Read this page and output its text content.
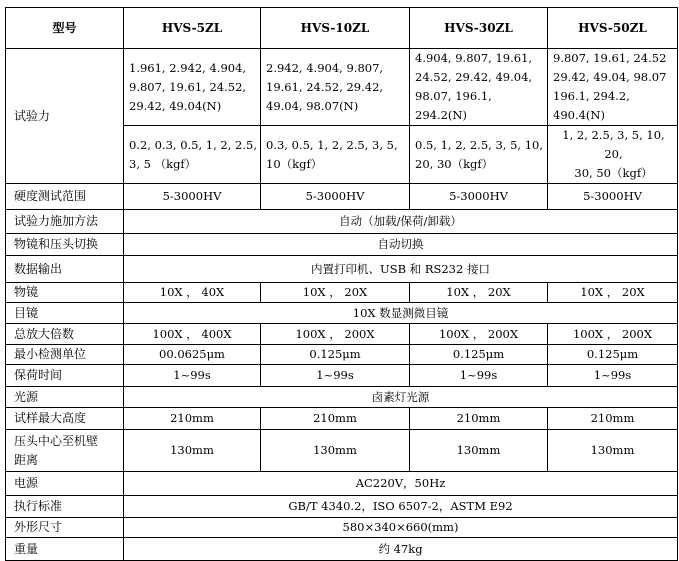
型号	HVS-5ZL	HVS-10ZL	HVS-30ZL	HVS-50ZL
试验力	1.961, 2.942, 4.904,
9.807, 19.61, 24.52,
29.42, 49.04(N)	2.942, 4.904, 9.807,
19.61, 24.52, 29.42,
49.04, 98.07(N)	4.904, 9.807, 19.61,
24.52, 29.42, 49.04,
98.07, 196.1, 294.2(N)	9.807, 19.61, 24.52
29.42, 49.04, 98.07
196.1, 294.2, 490.4(N)
	0.2, 0.3, 0.5, 1, 2, 2.5,
3, 5 （kgf）	0.3, 0.5, 1, 2, 2.5, 3, 5,
10（kgf）	0.5, 1, 2, 2.5, 3, 5, 10,
20, 30（kgf）	1, 2, 2.5, 3, 5, 10, 20,
30, 50（kgf）
硬度测试范围	5-3000HV	5-3000HV	5-3000HV	5-3000HV
试验力施加方法	自动（加载/保荷/卸载）			
物镜和压头切换	自动切换			
数据输出	内置打印机、USB 和 RS232 接口			
物镜	10X ， 40X	10X ， 20X	10X ， 20X	10X ， 20X
目镜	10X 数显测微目镜			
总放大倍数	100X ， 400X	100X ， 200X	100X ， 200X	100X ， 200X
最小检测单位	00.0625μm	0.125μm	0.125μm	0.125μm
保荷时间	1~99s	1~99s	1~99s	1~99s
光源	卤素灯光源			
试样最大高度	210mm	210mm	210mm	210mm
压头中心至机壁
距离	130mm	130mm	130mm	130mm
电源	AC220V，50Hz			
执行标准	GB/T 4340.2，ISO 6507-2，ASTM E92			
外形尺寸	580×340×660(mm)			
重量	约 47kg			
